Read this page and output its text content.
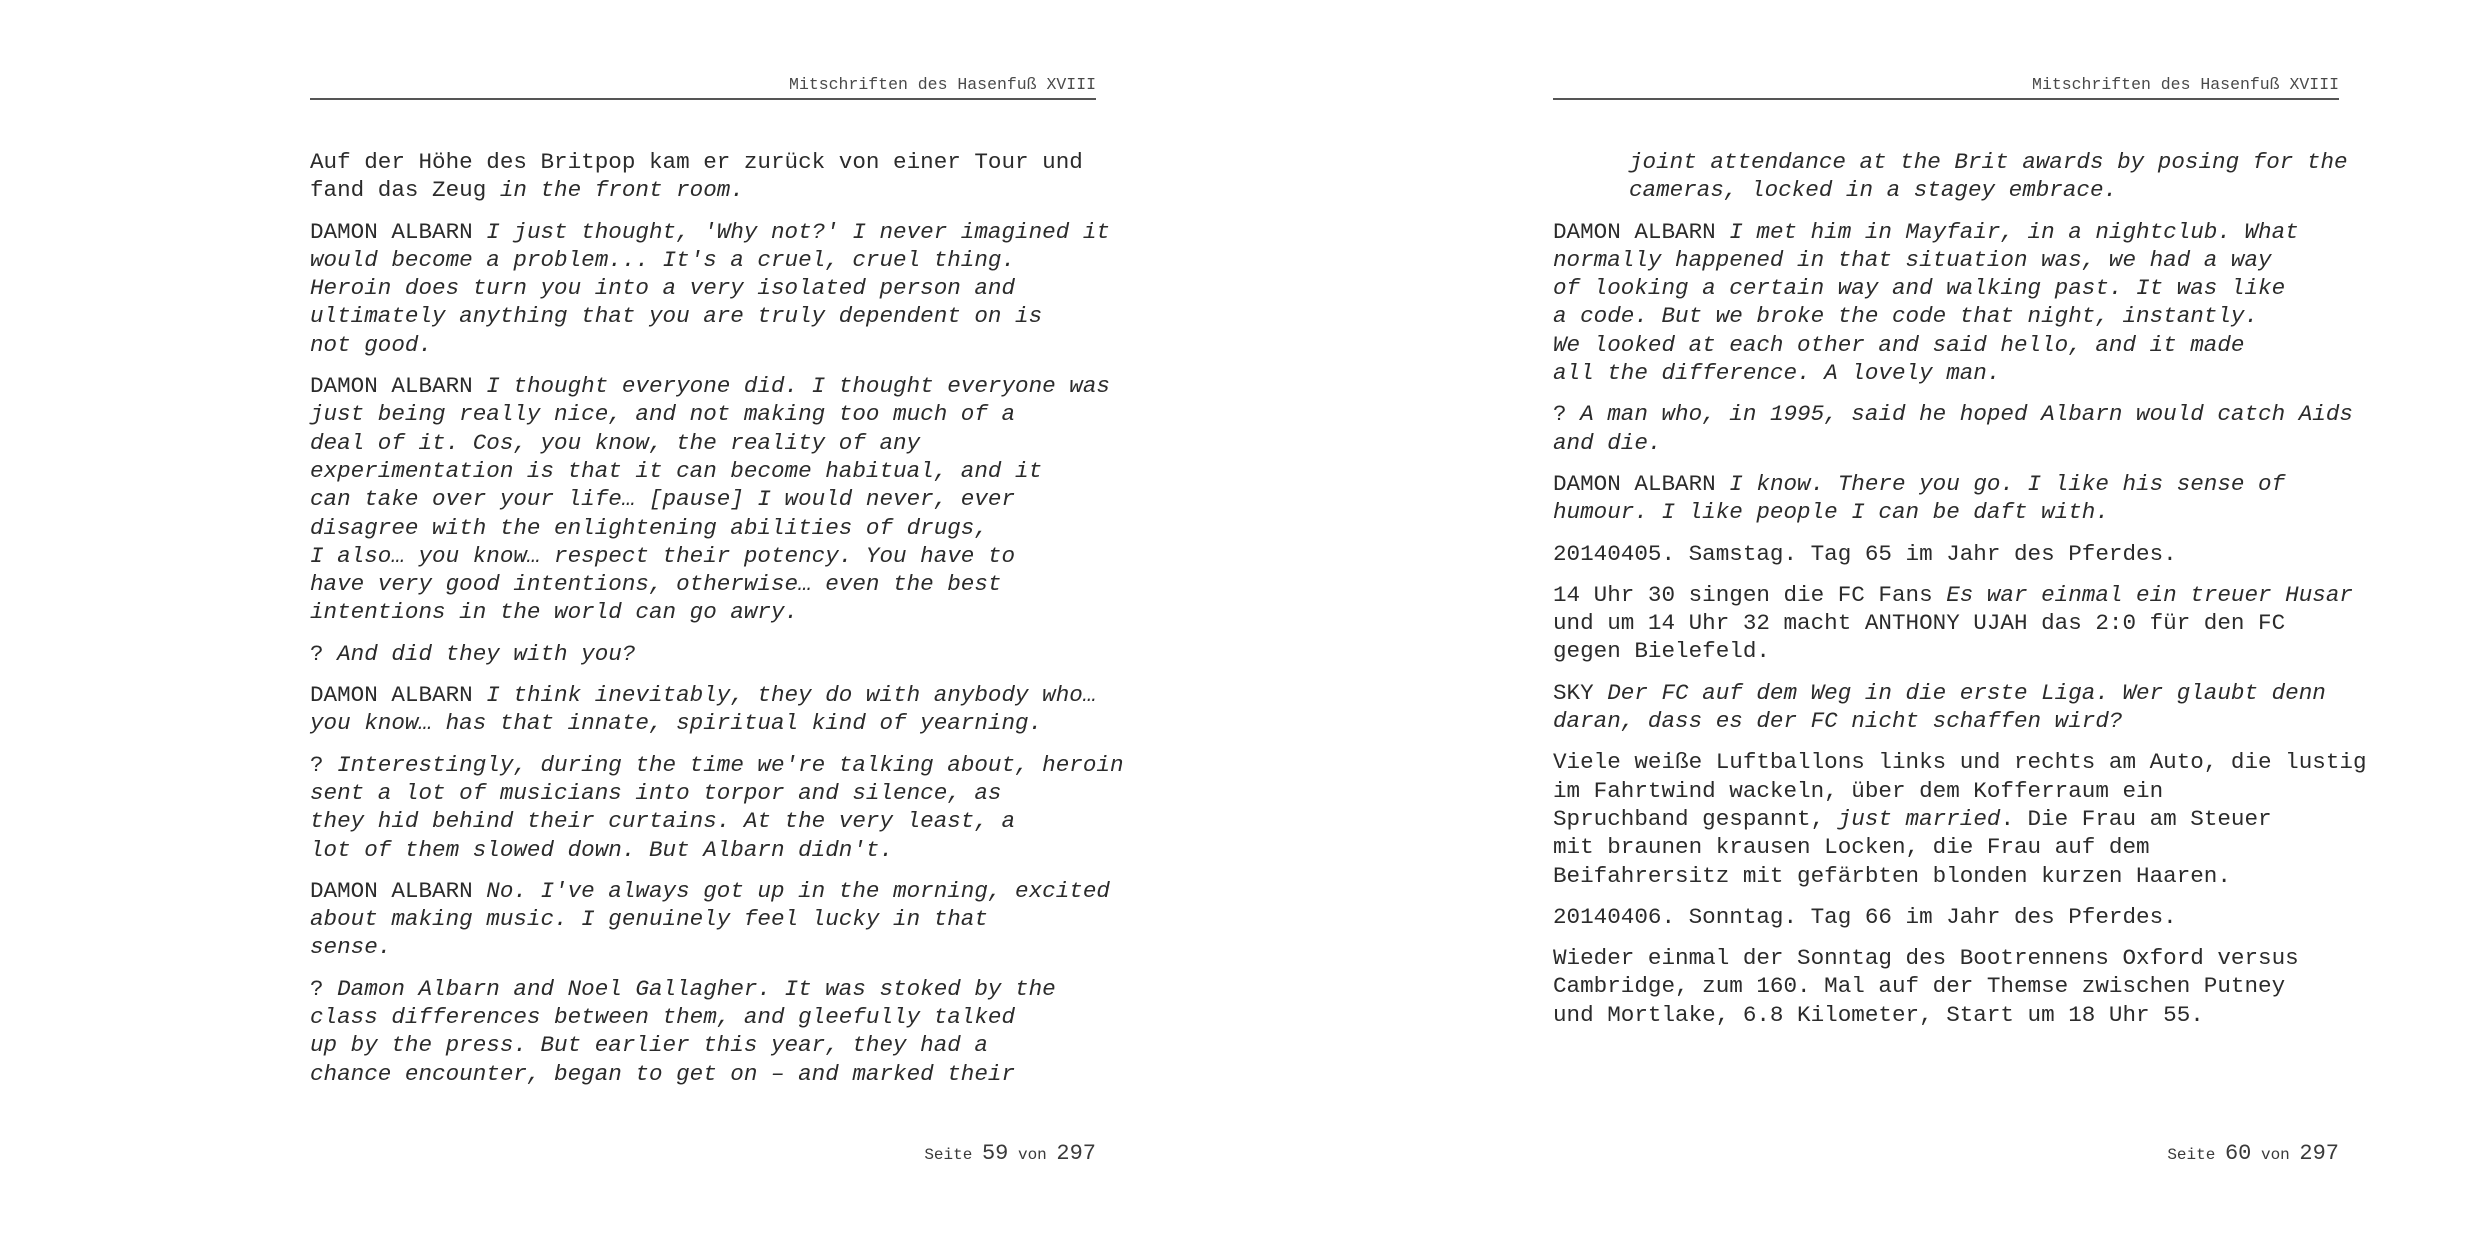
Mitschriften des Hasenfuß XVIII

Auf der Höhe des Britpop kam er zurück von einer Tour und
fand das Zeug in the front room.

DAMON ALBARN I just thought, 'Why not?' I never imagined it
would become a problem... It's a cruel, cruel thing.
Heroin does turn you into a very isolated person and
ultimately anything that you are truly dependent on is
not good.

DAMON ALBARN I thought everyone did. I thought everyone was
just being really nice, and not making too much of a
deal of it. Cos, you know, the reality of any
experimentation is that it can become habitual, and it
can take over your life… [pause] I would never, ever
disagree with the enlightening abilities of drugs,
I also… you know… respect their potency. You have to
have very good intentions, otherwise… even the best
intentions in the world can go awry.

? And did they with you?

DAMON ALBARN I think inevitably, they do with anybody who…
you know… has that innate, spiritual kind of yearning.

? Interestingly, during the time we're talking about, heroin
sent a lot of musicians into torpor and silence, as
they hid behind their curtains. At the very least, a
lot of them slowed down. But Albarn didn't.

DAMON ALBARN No. I've always got up in the morning, excited
about making music. I genuinely feel lucky in that
sense.

? Damon Albarn and Noel Gallagher. It was stoked by the
class differences between them, and gleefully talked
up by the press. But earlier this year, they had a
chance encounter, began to get on – and marked their

Seite 59 von 297
Mitschriften des Hasenfuß XVIII

joint attendance at the Brit awards by posing for the
cameras, locked in a stagey embrace.

DAMON ALBARN I met him in Mayfair, in a nightclub. What
normally happened in that situation was, we had a way
of looking a certain way and walking past. It was like
a code. But we broke the code that night, instantly.
We looked at each other and said hello, and it made
all the difference. A lovely man.

? A man who, in 1995, said he hoped Albarn would catch Aids
and die.

DAMON ALBARN I know. There you go. I like his sense of
humour. I like people I can be daft with.

20140405. Samstag. Tag 65 im Jahr des Pferdes.

14 Uhr 30 singen die FC Fans Es war einmal ein treuer Husar
und um 14 Uhr 32 macht ANTHONY UJAH das 2:0 für den FC
gegen Bielefeld.

SKY Der FC auf dem Weg in die erste Liga. Wer glaubt denn
daran, dass es der FC nicht schaffen wird?

Viele weiße Luftballons links und rechts am Auto, die lustig
im Fahrtwind wackeln, über dem Kofferraum ein
Spruchband gespannt, just married. Die Frau am Steuer
mit braunen krausen Locken, die Frau auf dem
Beifahrersitz mit gefärbten blonden kurzen Haaren.

20140406. Sonntag. Tag 66 im Jahr des Pferdes.

Wieder einmal der Sonntag des Bootrennens Oxford versus
Cambridge, zum 160. Mal auf der Themse zwischen Putney
und Mortlake, 6.8 Kilometer, Start um 18 Uhr 55.

Seite 60 von 297
